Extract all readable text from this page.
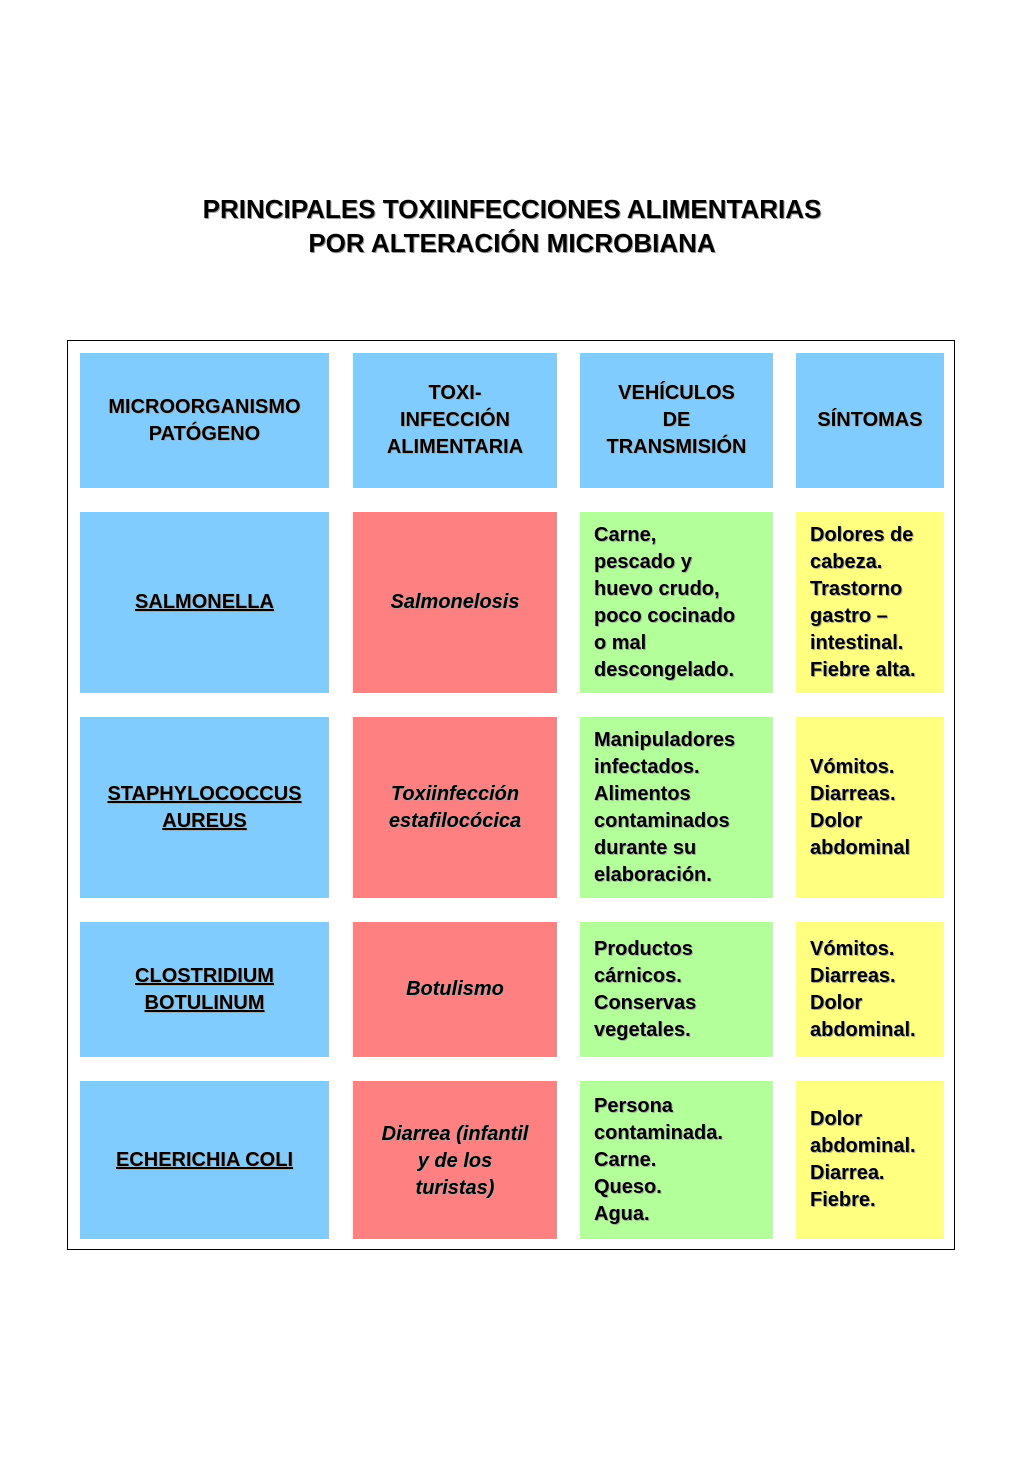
PRINCIPALES TOXIINFECCIONES ALIMENTARIAS
POR ALTERACIÓN MICROBIANA
MICROORGANISMO
PATÓGENO
TOXI-
INFECCIÓN
ALIMENTARIA
VEHÍCULOS
DE
TRANSMISIÓN
SÍNTOMAS
SALMONELLA	Salmonelosis
Carne,
pescado y
huevo crudo,
poco cocinado
o mal
descongelado.
Dolores de
cabeza.
Trastorno
gastro –
intestinal.
Fiebre alta.
STAPHYLOCOCCUS
AUREUS
Toxiinfección
estafilocócica
Manipuladores
infectados.
Alimentos
contaminados
durante su
elaboración.
Vómitos.
Diarreas.
Dolor
abdominal
CLOSTRIDIUM
BOTULINUM
Botulismo
Productos
cárnicos.
Conservas
vegetales.
Vómitos.
Diarreas.
Dolor
abdominal.
ECHERICHIA COLI
Diarrea (infantil
y de los
turistas)
Persona
contaminada.
Carne.
Queso.
Agua.
Dolor
abdominal.
Diarrea.
Fiebre.
